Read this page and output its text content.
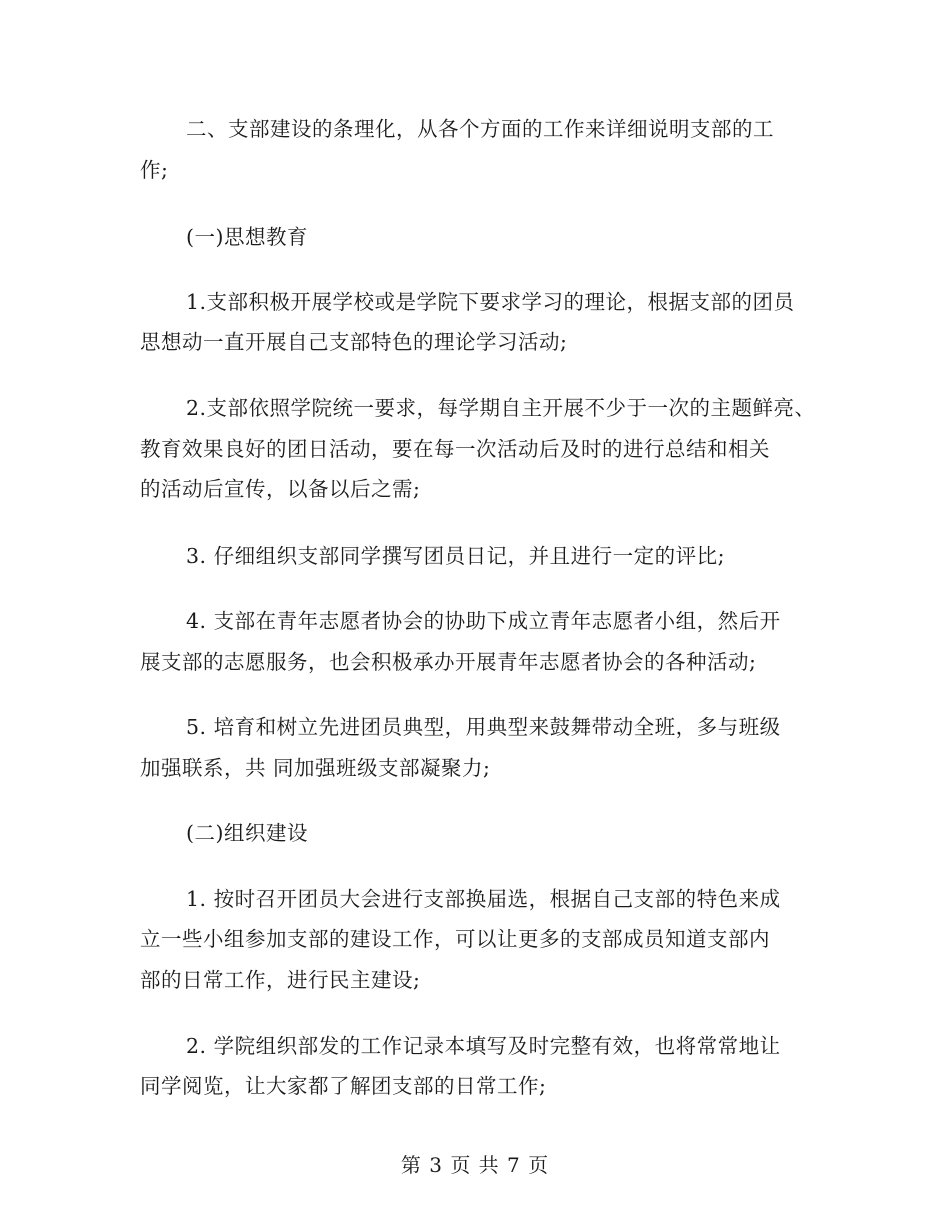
二、支部建设的条理化，从各个方面的工作来详细说明支部的工
作;
(一)思想教育
1.支部积极开展学校或是学院下要求学习的理论，根据支部的团员
思想动一直开展自己支部特色的理论学习活动;
2.支部依照学院统一要求，每学期自主开展不少于一次的主题鲜亮、
教育效果良好的团日活动，要在每一次活动后及时的进行总结和相关
的活动后宣传，以备以后之需;
3. 仔细组织支部同学撰写团员日记，并且进行一定的评比;
4. 支部在青年志愿者协会的协助下成立青年志愿者小组，然后开
展支部的志愿服务，也会积极承办开展青年志愿者协会的各种活动;
5. 培育和树立先进团员典型，用典型来鼓舞带动全班，多与班级
加强联系，共 同加强班级支部凝聚力;
(二)组织建设
1. 按时召开团员大会进行支部换届选，根据自己支部的特色来成
立一些小组参加支部的建设工作，可以让更多的支部成员知道支部内
部的日常工作，进行民主建设;
2. 学院组织部发的工作记录本填写及时完整有效，也将常常地让
同学阅览，让大家都了解团支部的日常工作;
第 3 页 共 7 页
